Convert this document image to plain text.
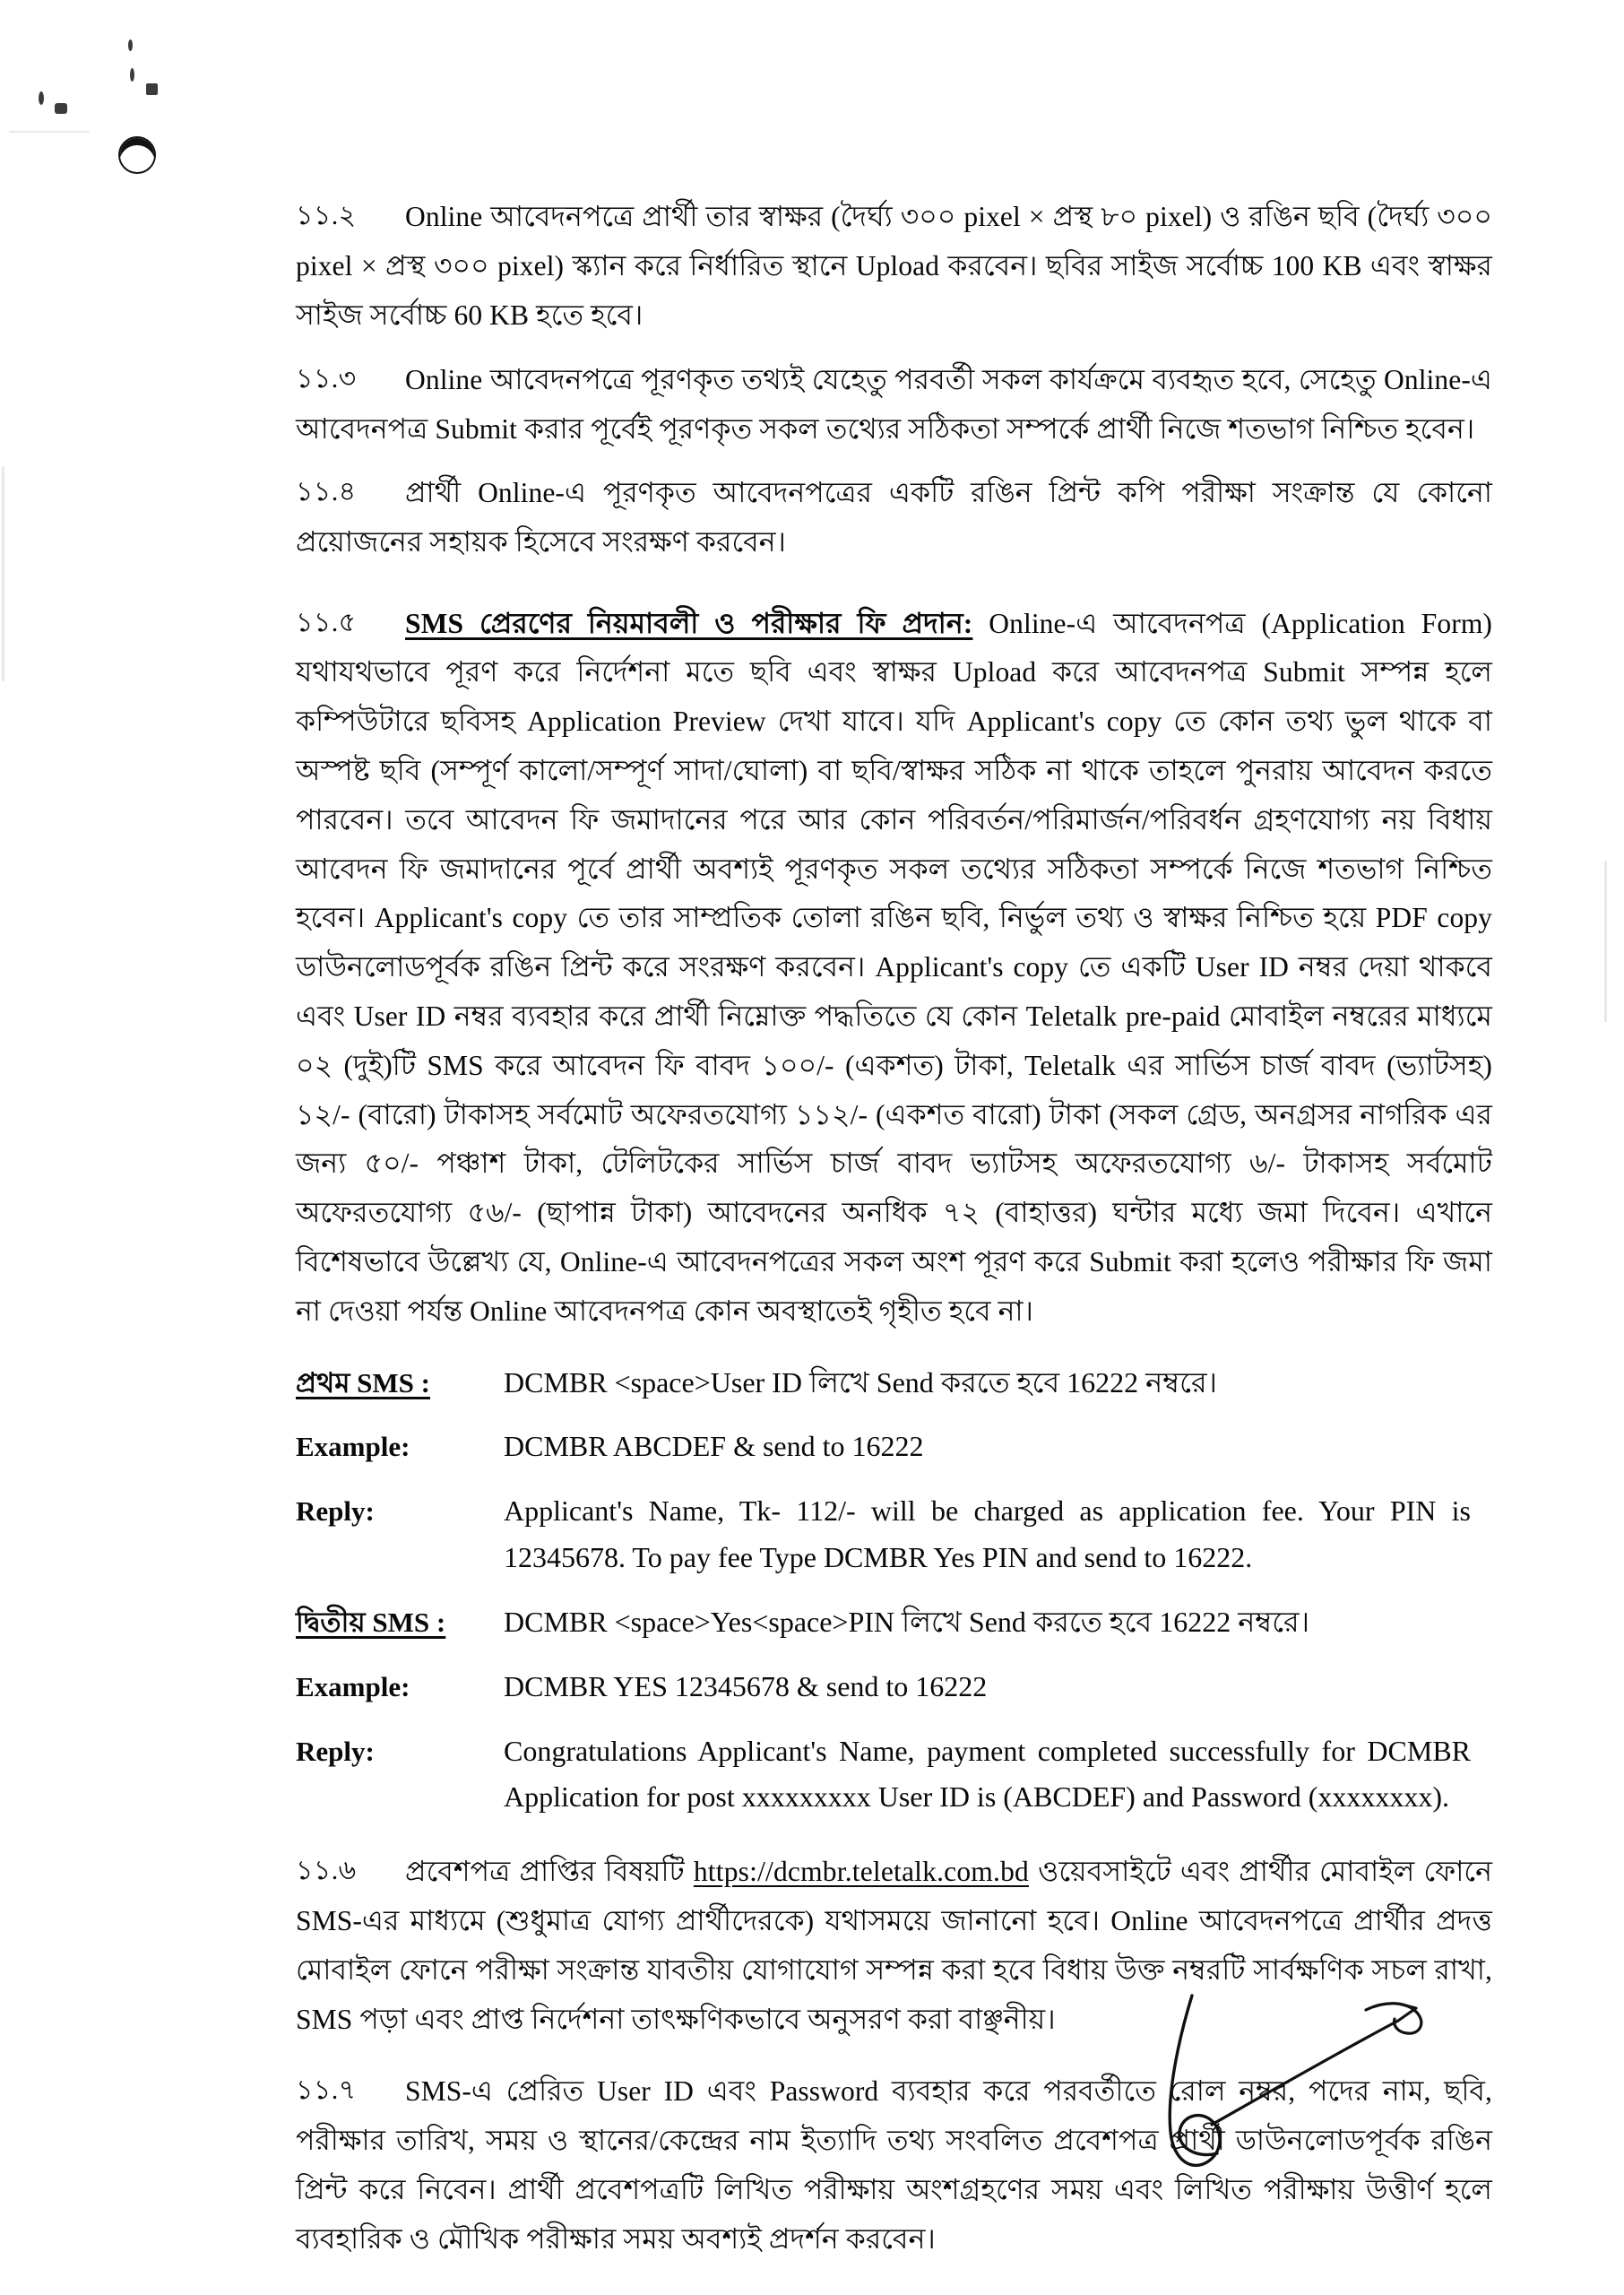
১১.২	Online আবেদনপত্রে প্রার্থী তার স্বাক্ষর (দৈর্ঘ্য ৩০০ pixel × প্রস্থ ৮০ pixel) ও রঙিন ছবি (দৈর্ঘ্য ৩০০ pixel × প্রস্থ ৩০০ pixel) স্ক্যান করে নির্ধারিত স্থানে Upload করবেন। ছবির সাইজ সর্বোচ্চ 100 KB এবং স্বাক্ষর সাইজ সর্বোচ্চ 60 KB হতে হবে।

১১.৩	Online আবেদনপত্রে পূরণকৃত তথ্যই যেহেতু পরবর্তী সকল কার্যক্রমে ব্যবহৃত হবে, সেহেতু Online-এ আবেদনপত্র Submit করার পূর্বেই পূরণকৃত সকল তথ্যের সঠিকতা সম্পর্কে প্রার্থী নিজে শতভাগ নিশ্চিত হবেন।

১১.৪	প্রার্থী Online-এ পূরণকৃত আবেদনপত্রের একটি রঙিন প্রিন্ট কপি পরীক্ষা সংক্রান্ত যে কোনো প্রয়োজনের সহায়ক হিসেবে সংরক্ষণ করবেন।

১১.৫	SMS প্রেরণের নিয়মাবলী ও পরীক্ষার ফি প্রদান: Online-এ আবেদনপত্র (Application Form) যথাযথভাবে পূরণ করে নির্দেশনা মতে ছবি এবং স্বাক্ষর Upload করে আবেদনপত্র Submit সম্পন্ন হলে কম্পিউটারে ছবিসহ Application Preview দেখা যাবে। যদি Applicant's copy তে কোন তথ্য ভুল থাকে বা অস্পষ্ট ছবি (সম্পূর্ণ কালো/সম্পূর্ণ সাদা/ঘোলা) বা ছবি/স্বাক্ষর সঠিক না থাকে তাহলে পুনরায় আবেদন করতে পারবেন। তবে আবেদন ফি জমাদানের পরে আর কোন পরিবর্তন/পরিমার্জন/পরিবর্ধন গ্রহণযোগ্য নয় বিধায় আবেদন ফি জমাদানের পূর্বে প্রার্থী অবশ্যই পূরণকৃত সকল তথ্যের সঠিকতা সম্পর্কে নিজে শতভাগ নিশ্চিত হবেন। Applicant's copy তে তার সাম্প্রতিক তোলা রঙিন ছবি, নির্ভুল তথ্য ও স্বাক্ষর নিশ্চিত হয়ে PDF copy ডাউনলোডপূর্বক রঙিন প্রিন্ট করে সংরক্ষণ করবেন। Applicant's copy তে একটি User ID নম্বর দেয়া থাকবে এবং User ID নম্বর ব্যবহার করে প্রার্থী নিম্নোক্ত পদ্ধতিতে যে কোন Teletalk pre-paid মোবাইল নম্বরের মাধ্যমে ০২ (দুই)টি SMS করে আবেদন ফি বাবদ ১০০/- (একশত) টাকা, Teletalk এর সার্ভিস চার্জ বাবদ (ভ্যাটসহ) ১২/- (বারো) টাকাসহ সর্বমোট অফেরতযোগ্য ১১২/- (একশত বারো) টাকা (সকল গ্রেড, অনগ্রসর নাগরিক এর জন্য ৫০/- পঞ্চাশ টাকা, টেলিটকের সার্ভিস চার্জ বাবদ ভ্যাটসহ অফেরতযোগ্য ৬/- টাকাসহ সর্বমোট অফেরতযোগ্য ৫৬/- (ছাপান্ন টাকা) আবেদনের অনধিক ৭২ (বাহাত্তর) ঘন্টার মধ্যে জমা দিবেন। এখানে বিশেষভাবে উল্লেখ্য যে, Online-এ আবেদনপত্রের সকল অংশ পূরণ করে Submit করা হলেও পরীক্ষার ফি জমা না দেওয়া পর্যন্ত Online আবেদনপত্র কোন অবস্থাতেই গৃহীত হবে না।

প্রথম SMS :	DCMBR <space>User ID লিখে Send করতে হবে 16222 নম্বরে।
Example:	DCMBR ABCDEF & send to 16222
Reply:	Applicant's Name, Tk- 112/- will be charged as application fee. Your PIN is 12345678. To pay fee Type DCMBR Yes PIN and send to 16222.
দ্বিতীয় SMS :	DCMBR <space>Yes<space>PIN লিখে Send করতে হবে 16222 নম্বরে।
Example:	DCMBR YES 12345678 & send to 16222
Reply:	Congratulations Applicant's Name, payment completed successfully for DCMBR Application for post xxxxxxxxx User ID is (ABCDEF) and Password (xxxxxxxx).

১১.৬	প্রবেশপত্র প্রাপ্তির বিষয়টি https://dcmbr.teletalk.com.bd ওয়েবসাইটে এবং প্রার্থীর মোবাইল ফোনে SMS-এর মাধ্যমে (শুধুমাত্র যোগ্য প্রার্থীদেরকে) যথাসময়ে জানানো হবে। Online আবেদনপত্রে প্রার্থীর প্রদত্ত মোবাইল ফোনে পরীক্ষা সংক্রান্ত যাবতীয় যোগাযোগ সম্পন্ন করা হবে বিধায় উক্ত নম্বরটি সার্বক্ষণিক সচল রাখা, SMS পড়া এবং প্রাপ্ত নির্দেশনা তাৎক্ষণিকভাবে অনুসরণ করা বাঞ্ছনীয়।

১১.৭	SMS-এ প্রেরিত User ID এবং Password ব্যবহার করে পরবর্তীতে রোল নম্বর, পদের নাম, ছবি, পরীক্ষার তারিখ, সময় ও স্থানের/কেন্দ্রের নাম ইত্যাদি তথ্য সংবলিত প্রবেশপত্র প্রার্থী ডাউনলোডপূর্বক রঙিন প্রিন্ট করে নিবেন। প্রার্থী প্রবেশপত্রটি লিখিত পরীক্ষায় অংশগ্রহণের সময় এবং লিখিত পরীক্ষায় উত্তীর্ণ হলে ব্যবহারিক ও মৌখিক পরীক্ষার সময় অবশ্যই প্রদর্শন করবেন।
